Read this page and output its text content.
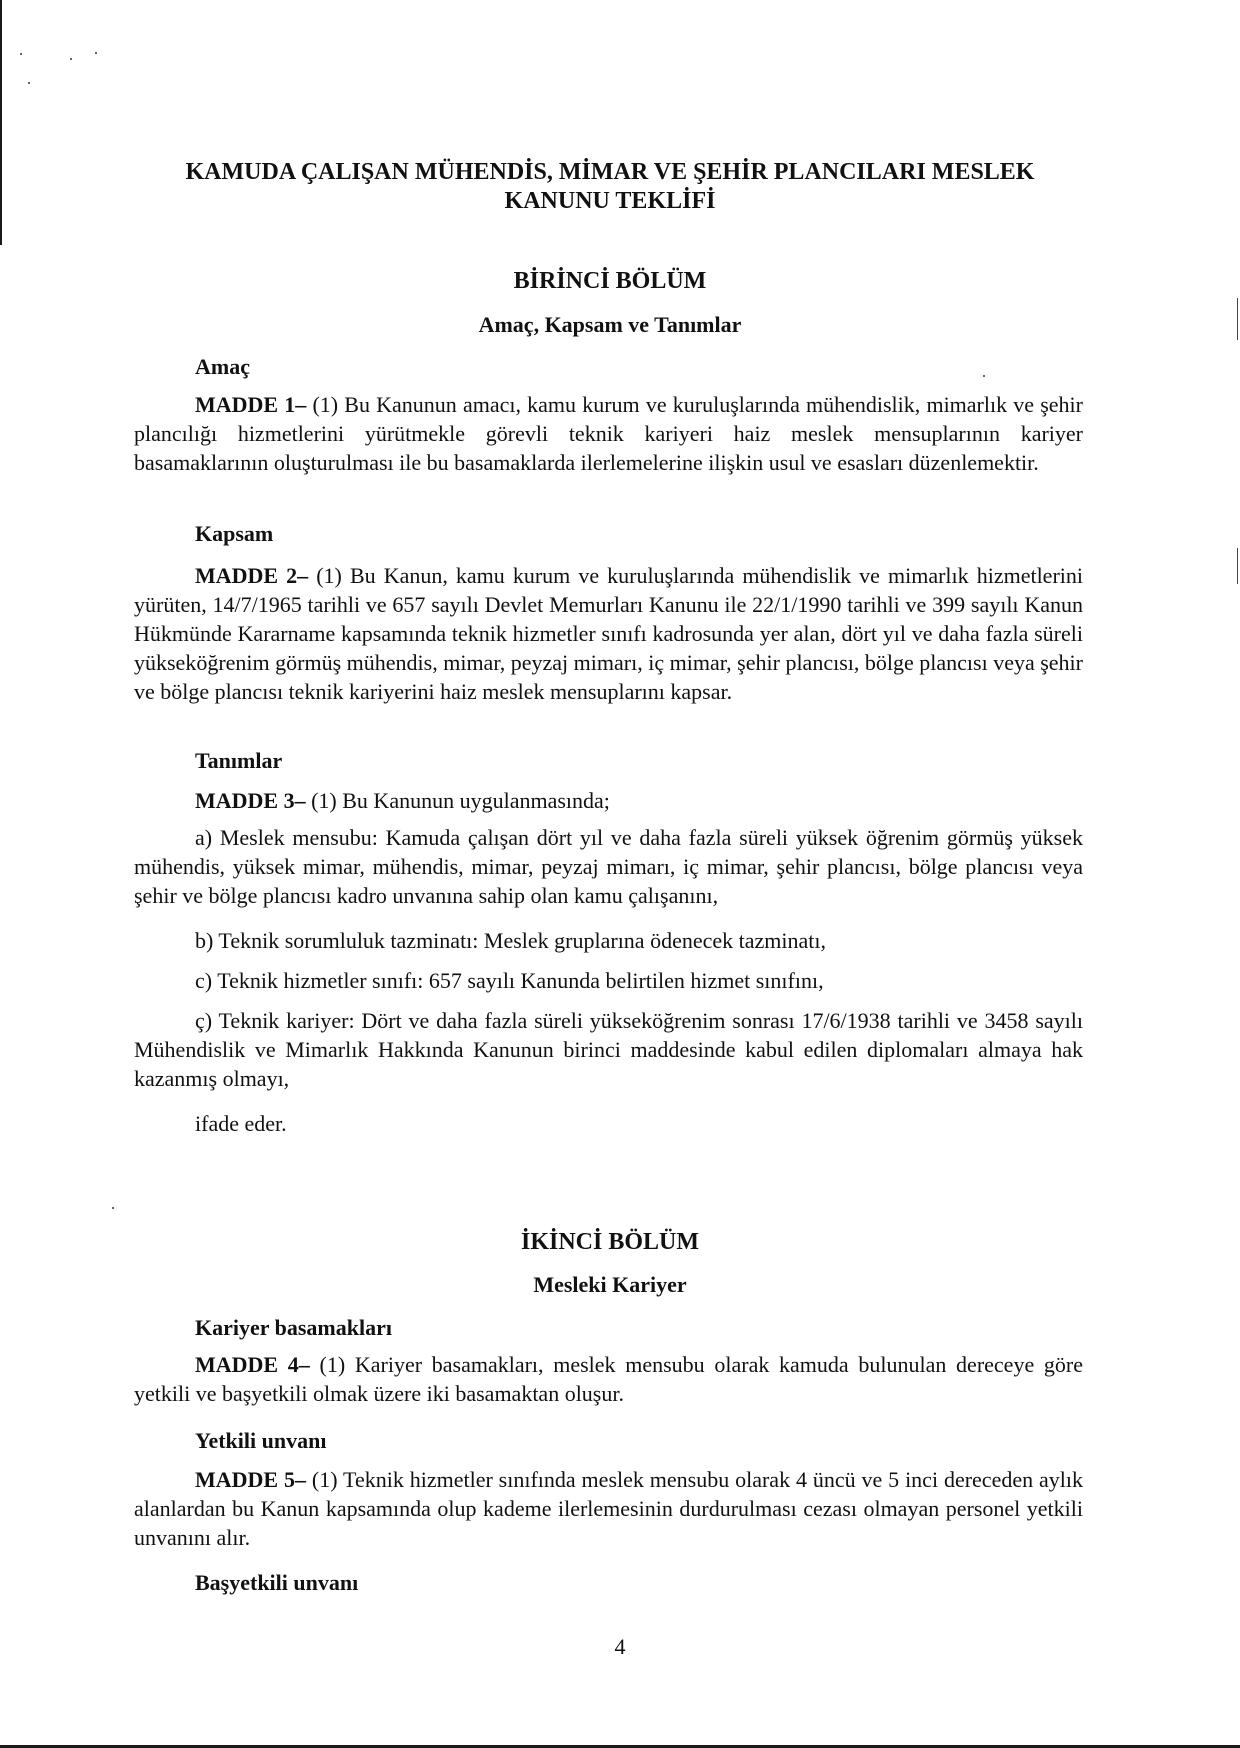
KAMUDA ÇALIŞAN MÜHENDİS, MİMAR VE ŞEHİR PLANCILARI MESLEK KANUNU TEKLİFİ
BİRİNCİ BÖLÜM
Amaç, Kapsam ve Tanımlar
Amaç

MADDE 1– (1) Bu Kanunun amacı, kamu kurum ve kuruluşlarında mühendislik, mimarlık ve şehir plancılığı hizmetlerini yürütmekle görevli teknik kariyeri haiz meslek mensuplarının kariyer basamaklarının oluşturulması ile bu basamaklarda ilerlemelerine ilişkin usul ve esasları düzenlemektir.

Kapsam

MADDE 2– (1) Bu Kanun, kamu kurum ve kuruluşlarında mühendislik ve mimarlık hizmetlerini yürüten, 14/7/1965 tarihli ve 657 sayılı Devlet Memurları Kanunu ile 22/1/1990 tarihli ve 399 sayılı Kanun Hükmünde Kararname kapsamında teknik hizmetler sınıfı kadrosunda yer alan, dört yıl ve daha fazla süreli yükseköğrenim görmüş mühendis, mimar, peyzaj mimarı, iç mimar, şehir plancısı, bölge plancısı veya şehir ve bölge plancısı teknik kariyerini haiz meslek mensuplarını kapsar.

Tanımlar

MADDE 3– (1) Bu Kanunun uygulanmasında;

a) Meslek mensubu: Kamuda çalışan dört yıl ve daha fazla süreli yüksek öğrenim görmüş yüksek mühendis, yüksek mimar, mühendis, mimar, peyzaj mimarı, iç mimar, şehir plancısı, bölge plancısı veya şehir ve bölge plancısı kadro unvanına sahip olan kamu çalışanını,

b) Teknik sorumluluk tazminatı: Meslek gruplarına ödenecek tazminatı,

c) Teknik hizmetler sınıfı: 657 sayılı Kanunda belirtilen hizmet sınıfını,

ç) Teknik kariyer: Dört ve daha fazla süreli yükseköğrenim sonrası 17/6/1938 tarihli ve 3458 sayılı Mühendislik ve Mimarlık Hakkında Kanunun birinci maddesinde kabul edilen diplomaları almaya hak kazanmış olmayı,

ifade eder.

İKİNCİ BÖLÜM
Mesleki Kariyer
Kariyer basamakları

MADDE 4– (1) Kariyer basamakları, meslek mensubu olarak kamuda bulunulan dereceye göre yetkili ve başyetkili olmak üzere iki basamaktan oluşur.

Yetkili unvanı

MADDE 5– (1) Teknik hizmetler sınıfında meslek mensubu olarak 4 üncü ve 5 inci dereceden aylık alanlardan bu Kanun kapsamında olup kademe ilerlemesinin durdurulması cezası olmayan personel yetkili unvanını alır.

Başyetkili unvanı

4
